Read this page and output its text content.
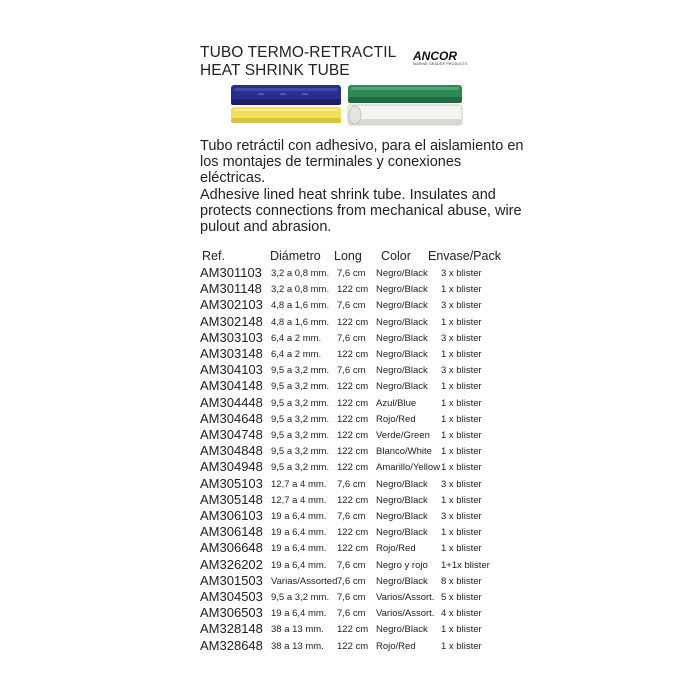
TUBO TERMO-RETRACTIL
HEAT SHRINK TUBE
ANCOR
MARINE GRADE® PRODUCTS

Tubo retráctil con adhesivo, para el aislamiento en los montajes de terminales y conexiones eléctricas.

Adhesive lined heat shrink tube. Insulates and protects connections from mechanical abuse, wire pulout and abrasion.

Ref.	Diámetro Long Color Envase/Pack
AM301103 3,2 a 0,8 mm. 7,6 cm Negro/Black 3 x blister
AM301148 3,2 a 0,8 mm. 122 cm Negro/Black 1 x blister
AM302103 4,8 a 1,6 mm. 7,6 cm Negro/Black 3 x blister
AM302148 4,8 a 1,6 mm. 122 cm Negro/Black 1 x blister
AM303103 6,4 a 2 mm. 7,6 cm Negro/Black 3 x blister
AM303148 6,4 a 2 mm. 122 cm Negro/Black 1 x blister
AM304103 9,5 a 3,2 mm. 7,6 cm Negro/Black 3 x blister
AM304148 9,5 a 3,2 mm. 122 cm Negro/Black 1 x blister
AM304448 9,5 a 3,2 mm. 122 cm Azul/Blue	1 x blister
AM304648 9,5 a 3,2 mm. 122 cm Rojo/Red	1 x blister
AM304748 9,5 a 3,2 mm. 122 cm Verde/Green 1 x blister
AM304848 9,5 a 3,2 mm. 122 cm Blanco/White 1 x blister
AM304948 9,5 a 3,2 mm. 122 cm Amarillo/Yellow 1 x blister
AM305103 12,7 a 4 mm. 7,6 cm Negro/Black 3 x blister
AM305148 12,7 a 4 mm. 122 cm Negro/Black 1 x blister
AM306103 19 a 6,4 mm. 7,6 cm Negro/Black 3 x blister
AM306148 19 a 6,4 mm. 122 cm Negro/Black 1 x blister
AM306648 19 a 6,4 mm. 122 cm Rojo/Red	1 x blister
AM326202 19 a 6,4 mm. 7,6 cm Negro y rojo 1+1x blister
AM301503 Varias/Assorted 7,6 cm Negro/Black 8 x blister
AM304503 9,5 a 3,2 mm. 7,6 cm Varios/Assort. 5 x blister
AM306503 19 a 6,4 mm. 7,6 cm Varios/Assort. 4 x blister
AM328148 38 a 13 mm. 122 cm Negro/Black 1 x blister
AM328648 38 a 13 mm. 122 cm Rojo/Red	1 x blister
